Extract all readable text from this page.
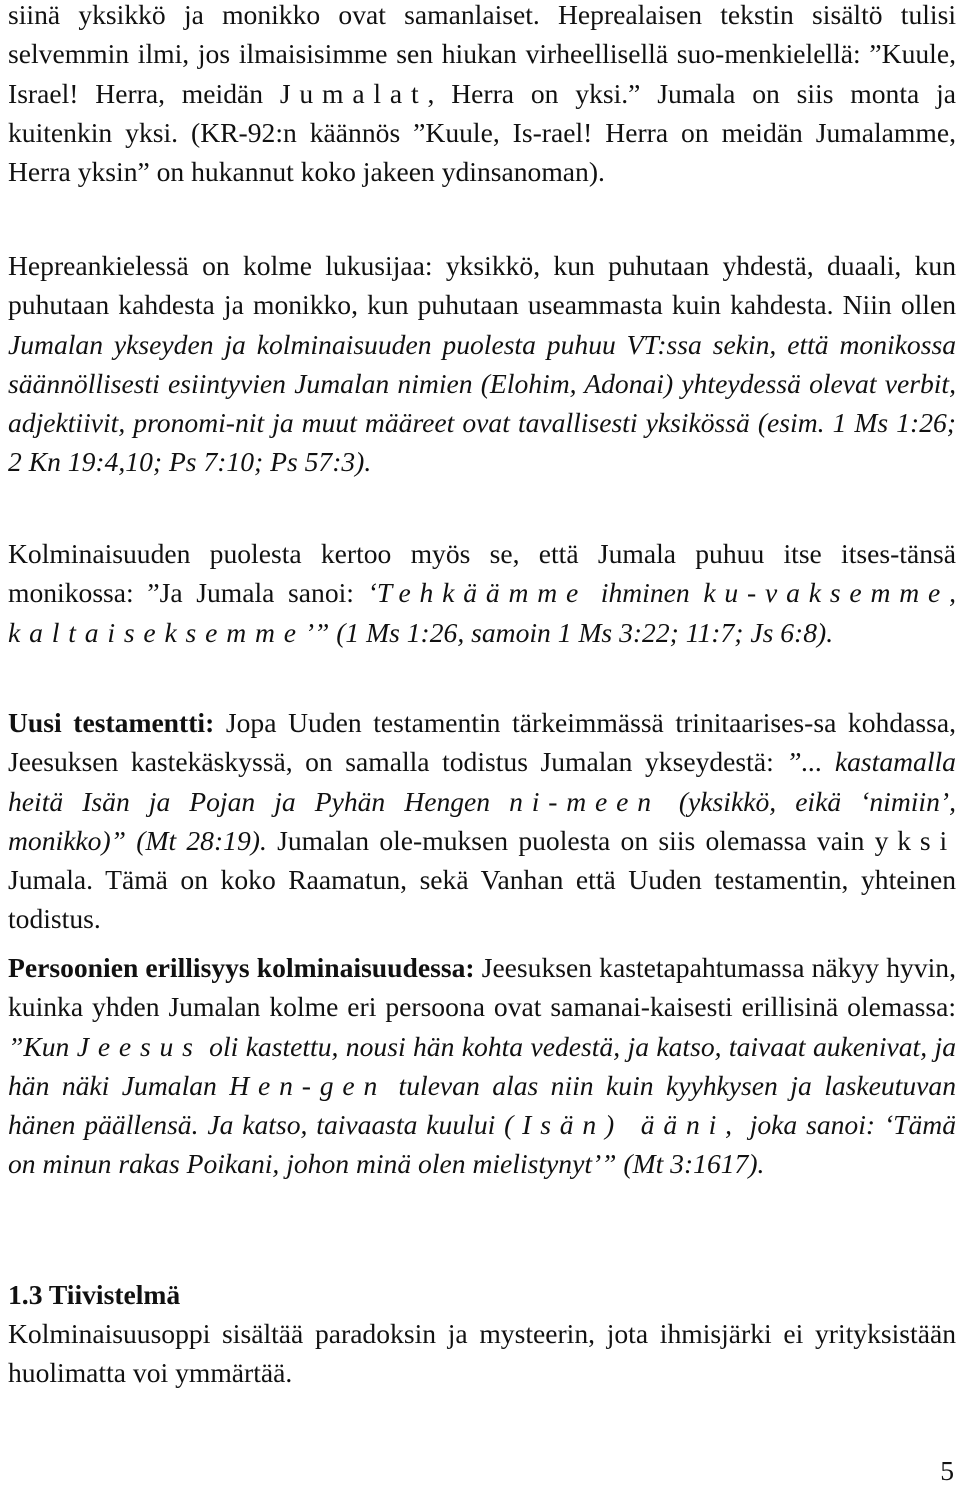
siinä yksikkö ja monikko ovat samanlaiset. Heprealaisen tekstin sisältö tulisi selvemmin ilmi, jos ilmaisisimme sen hiukan virheellisellä suo-menkielellä: ”Kuule, Israel! Herra, meidän Jumalat, Herra on yksi.” Jumala on siis monta ja kuitenkin yksi. (KR-92:n käännös ”Kuule, Is-rael! Herra on meidän Jumalamme, Herra yksin” on hukannut koko jakeen ydinsanoman).

Hepreankielessä on kolme lukusijaa: yksikkö, kun puhutaan yhdestä, duaali, kun puhutaan kahdesta ja monikko, kun puhutaan useammasta kuin kahdesta. Niin ollen Jumalan ykseyden ja kolminaisuuden puolesta puhuu VT:ssa sekin, että monikossa säännöllisesti esiintyvien Jumalan nimien (Elohim, Adonai) yhteydessä olevat verbit, adjektiivit, pronomi-nit ja muut määreet ovat tavallisesti yksikössä (esim. 1 Ms 1:26; 2 Kn 19:4,10; Ps 7:10; Ps 57:3).

Kolminaisuuden puolesta kertoo myös se, että Jumala puhuu itse itses-tänsä monikossa: ”Ja Jumala sanoi: ‘Tehkäämme ihminen ku-vaksemme, kaltaiseksemme’” (1 Ms 1:26, samoin 1 Ms 3:22; 11:7; Js 6:8).

Uusi testamentti: Jopa Uuden testamentin tärkeimmässä trinitaarises-sa kohdassa, Jeesuksen kastekäskyssä, on samalla todistus Jumalan ykseydestä: ”... kastamalla heitä Isän ja Pojan ja Pyhän Hengen ni-meen (yksikkö, eikä ‘nimiin’, monikko)” (Mt 28:19). Jumalan ole-muksen puolesta on siis olemassa vain yksi Jumala. Tämä on koko Raamatun, sekä Vanhan että Uuden testamentin, yhteinen todistus.

Persoonien erillisyys kolminaisuudessa: Jeesuksen kastetapahtumassa näkyy hyvin, kuinka yhden Jumalan kolme eri persoona ovat samanai-kaisesti erillisinä olemassa: ”Kun Jeesus oli kastettu, nousi hän kohta vedestä, ja katso, taivaat aukenivat, ja hän näki Jumalan Hen-gen tulevan alas niin kuin kyyhkysen ja laskeutuvan hänen päällensä. Ja katso, taivaasta kuului (Isän) ääni, joka sanoi: ‘Tämä on minun rakas Poikani, johon minä olen mielistynyt’” (Mt 3:1617).

1.3 Tiivistelmä

Kolminaisuusoppi sisältää paradoksin ja mysteerin, jota ihmisjärki ei yrityksistään huolimatta voi ymmärtää.

5
